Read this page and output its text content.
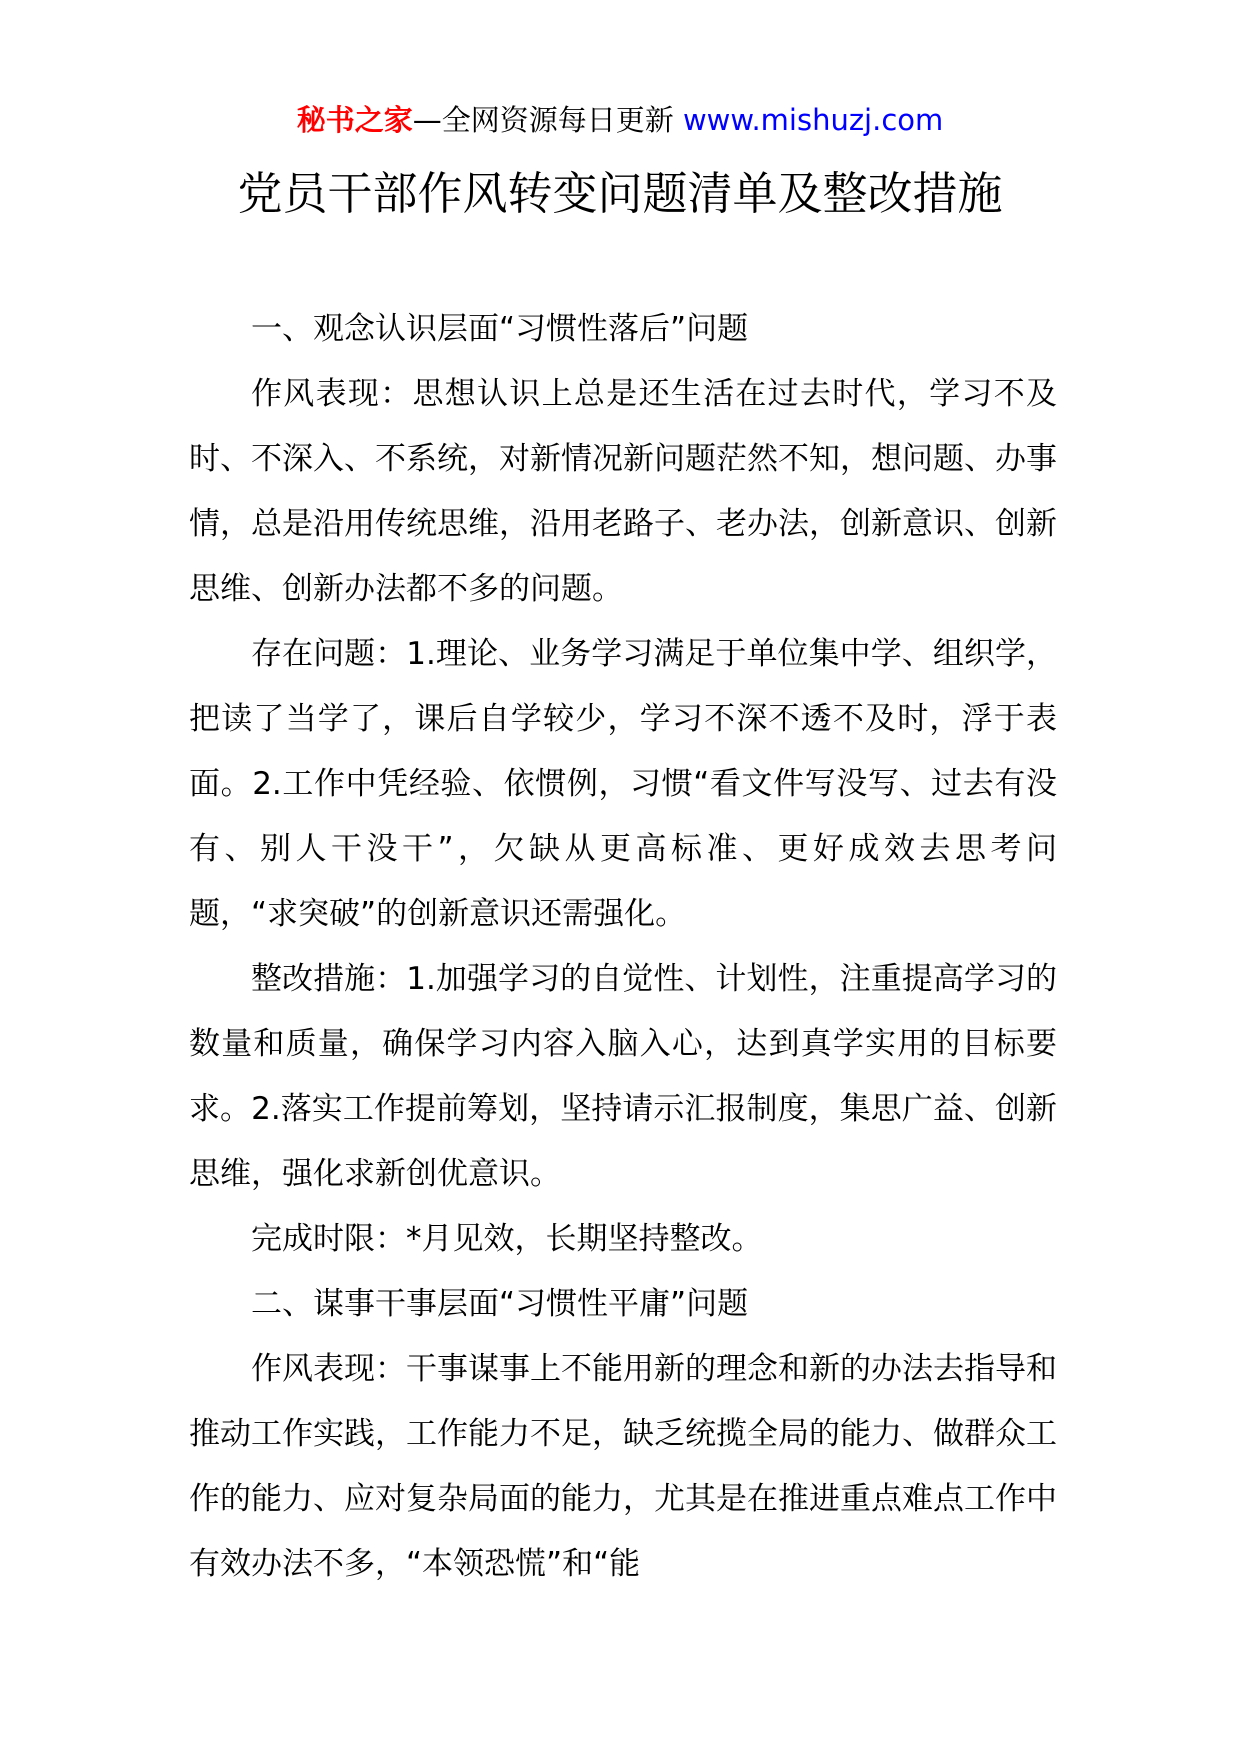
秘书之家—全网资源每日更新 www.mishuzj.com
党员干部作风转变问题清单及整改措施

一、观念认识层面“习惯性落后”问题

作风表现：思想认识上总是还生活在过去时代，学习不及时、不深入、不系统，对新情况新问题茫然不知，想问题、办事情，总是沿用传统思维，沿用老路子、老办法，创新意识、创新思维、创新办法都不多的问题。

存在问题：1.理论、业务学习满足于单位集中学、组织学，把读了当学了，课后自学较少，学习不深不透不及时，浮于表面。2.工作中凭经验、依惯例，习惯“看文件写没写、过去有没有、别人干没干”，欠缺从更高标准、更好成效去思考问题，“求突破”的创新意识还需强化。

整改措施：1.加强学习的自觉性、计划性，注重提高学习的数量和质量，确保学习内容入脑入心，达到真学实用的目标要求。2.落实工作提前筹划，坚持请示汇报制度，集思广益、创新思维，强化求新创优意识。

完成时限：*月见效，长期坚持整改。

二、谋事干事层面“习惯性平庸”问题

作风表现：干事谋事上不能用新的理念和新的办法去指导和推动工作实践，工作能力不足，缺乏统揽全局的能力、做群众工作的能力、应对复杂局面的能力，尤其是在推进重点难点工作中有效办法不多，“本领恐慌”和“能
